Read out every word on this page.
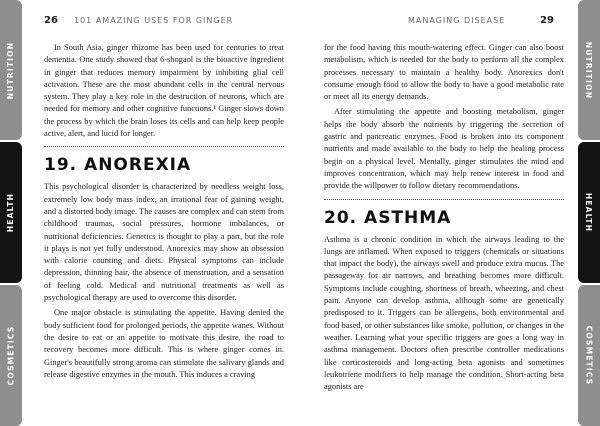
NUTRITION
HEALTH
COSMETICS
NUTRITION
HEALTH
COSMETICS
26 101 AMAZING USES FOR GINGER	MANAGING DISEASE	29

In South Asia, ginger rhizome has been used for centuries to treat dementia. One study showed that 6-shogaol is the bioactive ingredient in ginger that reduces memory impairment by inhibiting glial cell activation. These are the most abundant cells in the central nervous system. They play a key role in the destruction of neurons, which are needed for memory and other cognitive functions.¹ Ginger slows down the process by which the brain loses its cells and can help keep people active, alert, and lucid for longer.

19. ANOREXIA

This psychological disorder is characterized by needless weight loss, extremely low body mass index, an irrational fear of gaining weight, and a distorted body image. The causes are complex and can stem from childhood traumas, social pressures, hormone imbalances, or nutritional deficiencies. Genetics is thought to play a part, but the role it plays is not yet fully understood. Anorexics may show an obsession with calorie counting and diets. Physical symptoms can include depression, thinning hair, the absence of menstruation, and a sensation of feeling cold. Medical and nutritional treatments as well as psychological therapy are used to overcome this disorder.

One major obstacle is stimulating the appetite. Having denied the body sufficient food for prolonged periods, the appetite wanes. Without the desire to eat or an appetite to motivate this desire, the road to recovery becomes more difficult. This is where ginger comes in. Ginger's beautifully strong aroma can stimulate the salivary glands and release digestive enzymes in the mouth. This induces a craving

for the food having this mouth-watering effect. Ginger can also boost metabolism, which is needed for the body to perform all the complex processes necessary to maintain a healthy body. Anorexics don't consume enough food to allow the body to have a good metabolic rate or meet all its energy demands.

After stimulating the appetite and boosting metabolism, ginger helps the body absorb the nutrients by triggering the secretion of gastric and pancreatic enzymes. Food is broken into its component nutrients and made available to the body to help the healing process begin on a physical level. Mentally, ginger stimulates the mind and improves concentration, which may help renew interest in food and provide the willpower to follow dietary recommendations.

20. ASTHMA

Asthma is a chronic condition in which the airways leading to the lungs are inflamed. When exposed to triggers (chemicals or situations that impact the body), the airways swell and produce extra mucus. The passageway for air narrows, and breathing becomes more difficult. Symptoms include coughing, shortness of breath, wheezing, and chest pain. Anyone can develop asthma, although some are genetically predisposed to it. Triggers can be allergens, both environmental and food based, or other substances like smoke, pollution, or changes in the weather. Learning what your specific triggers are goes a long way in asthma management. Doctors often prescribe controller medications like corticosteroids and long-acting beta agonists and sometimes leukotriene modifiers to help manage the condition. Short-acting beta agonists are
